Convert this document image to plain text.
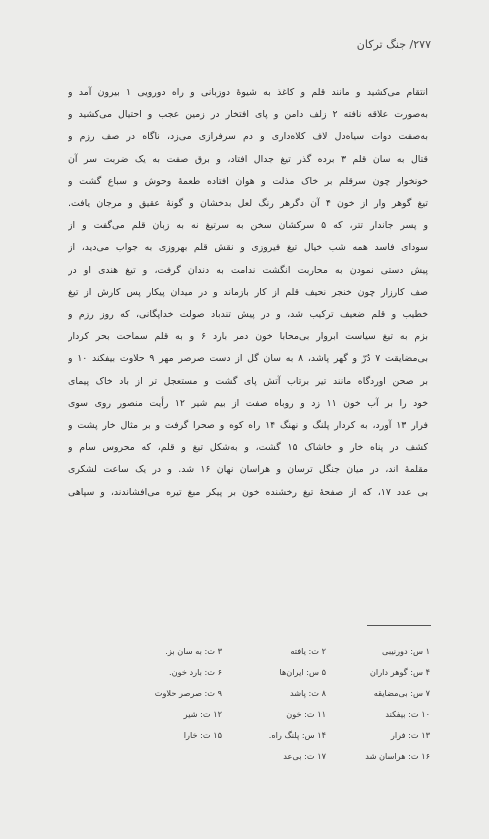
۲۷۷/ جنگ ترکان
انتقام می‌کشید و مانند قلم و کاغذ به شیوهٔ دوزبانی و راه دورویی ۱ بیرون آمد و
به‌صورت علاقه نافته ۲ زلف دامن و پای افتخار در زمین عجب و احتیال می‌کشید و
به‌صفت دوات سیاه‌دل لاف کلاه‌داری و دم سرفرازی می‌زد، ناگاه در صف رزم و
قتال به سان قلم ۳ برده گذر تیغ جدال افتاد، و برق صفت به یک ضربت سر آن
خونخوار چون سرقلم بر خاک مذلت و هوان افتاده طعمهٔ وحوش و سباع گشت و
تیغ گوهر وار از خون ۴ آن دگرهر رنگ لعل بدخشان و گونهٔ عقیق و مرجان یافت.
و پسر جاندار تتر، که ۵ سرکشان سخن به سرتیغ نه به زبان قلم می‌گفت و از
سودای فاسد همه شب خیال تیغ فیروزی و نقش قلم بهروزی به جواب می‌دید، از
پیش دستی نمودن به محاربت انگشت ندامت به دندان گرفت، و تیغ هندی او در
صف کارزار چون خنجر نحیف قلم از کار بازماند و در میدان پیکار پس کارش از تیغ
خطیب و قلم ضعیف ترکیب شد، و در پیش تندباد صولت خداپگانی، که روز رزم و
بزم به تیغ سیاست ابروار بی‌محابا خون دمر بارد ۶ و به قلم سماحت بحر کردار
بی‌مضایقت ۷ دُرّ و گهر پاشد، ۸ به سان گل از دست صرصر مهر ۹ حلاوت بیفکند ۱۰ و
بر صحن اوردگاه مانند تیر برتاب آتش پای گشت و مستعجل تر از باد خاک پیمای
خود را بر آب خون ۱۱ زد و روباه صفت از بیم شیر ۱۲ رأیت منصور روی سوی
فرار ۱۳ آورد، به کردار پلنگ و نهنگ ۱۴ راه کوه و صحرا گرفت و بر مثال خار پشت و
کشف در پناه خار و خاشاک ۱۵ گشت، و به‌شکل تیغ و قلم، که محروس سام و
مقلمهٔ اند، در میان جنگل ترسان و هراسان نهان ۱۶ شد. و در یک ساعت لشکری
بی عدد ۱۷، که از صفحهٔ تیغ رخشنده خون بر پیکر مبغ تیره می‌افشاندند، و سپاهی
۱ س: دورنیبی
۲ ت: یافته
۳ ت: به سان بز.
۴ س: گوهر داران
۵ س: ایران‌ها
۶ ت: بارد خون.
۷ س: بی‌مضایقه
۸ ت: پاشد
۹ ت: صرصر حلاوت
۱۰ ت: بیفکند
۱۱ ت: خون
۱۲ ت: شیر
۱۳ ت: فرار
۱۴ س: پلنگ راه.
۱۵ ت: خارا
۱۶ ت: هراسان شد
۱۷ ت: بی‌عد
